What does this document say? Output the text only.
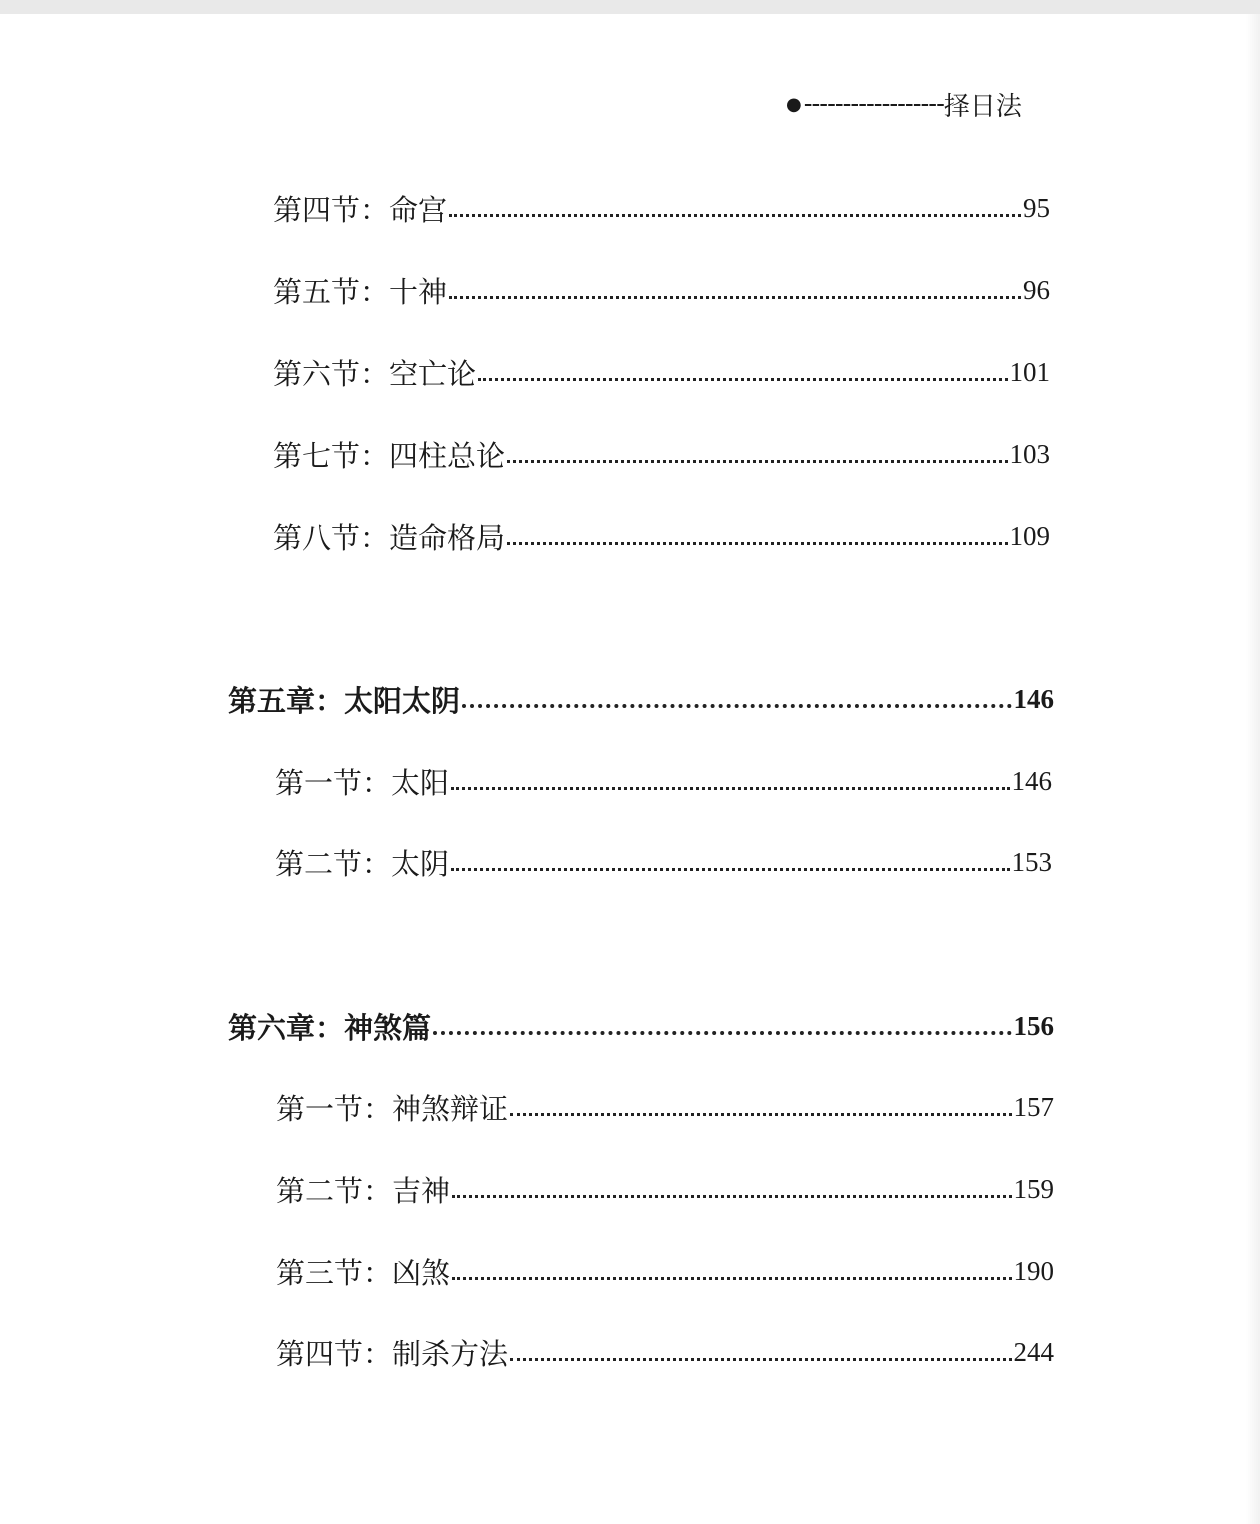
● ------------------ 择日法
第四节：命宫	95
第五节：十神	96
第六节：空亡论	101
第七节：四柱总论	103
第八节：造命格局	109
第五章：太阳太阴	146
第一节：太阳	146
第二节：太阴	153
第六章：神煞篇	156
第一节：神煞辩证	157
第二节：吉神	159
第三节：凶煞	190
第四节：制杀方法	244
